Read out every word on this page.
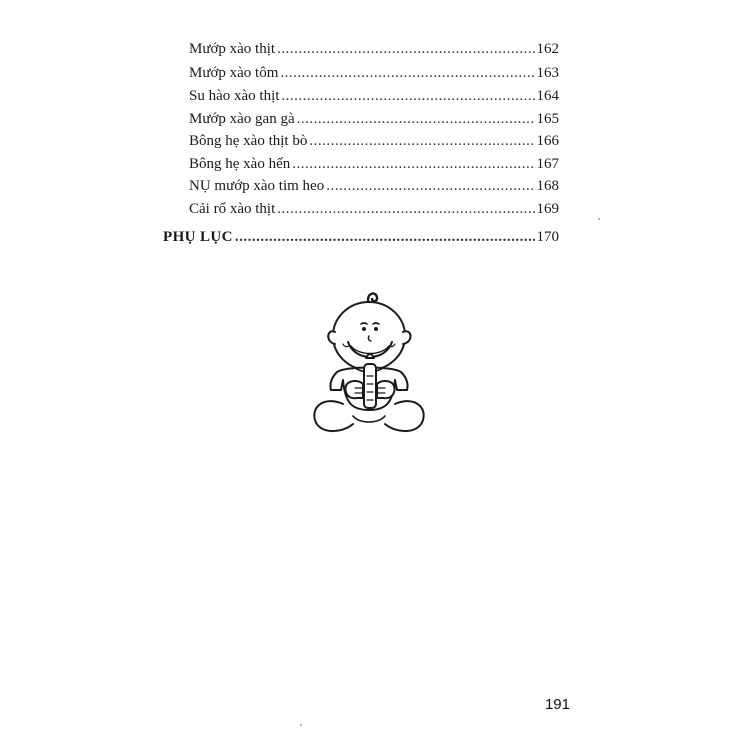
Mướp xào thịt .....	162
Mướp xào tôm .....	163
Su hào xào thịt .....	164
Mướp xào gan gà .....	165
Bông hẹ xào thịt bò .....	166
Bông hẹ xào hến .....	167
NỤ mướp xào tim heo .....	168
Cải rổ xào thịt .....	169
PHỤ LỤC .....	170
191
